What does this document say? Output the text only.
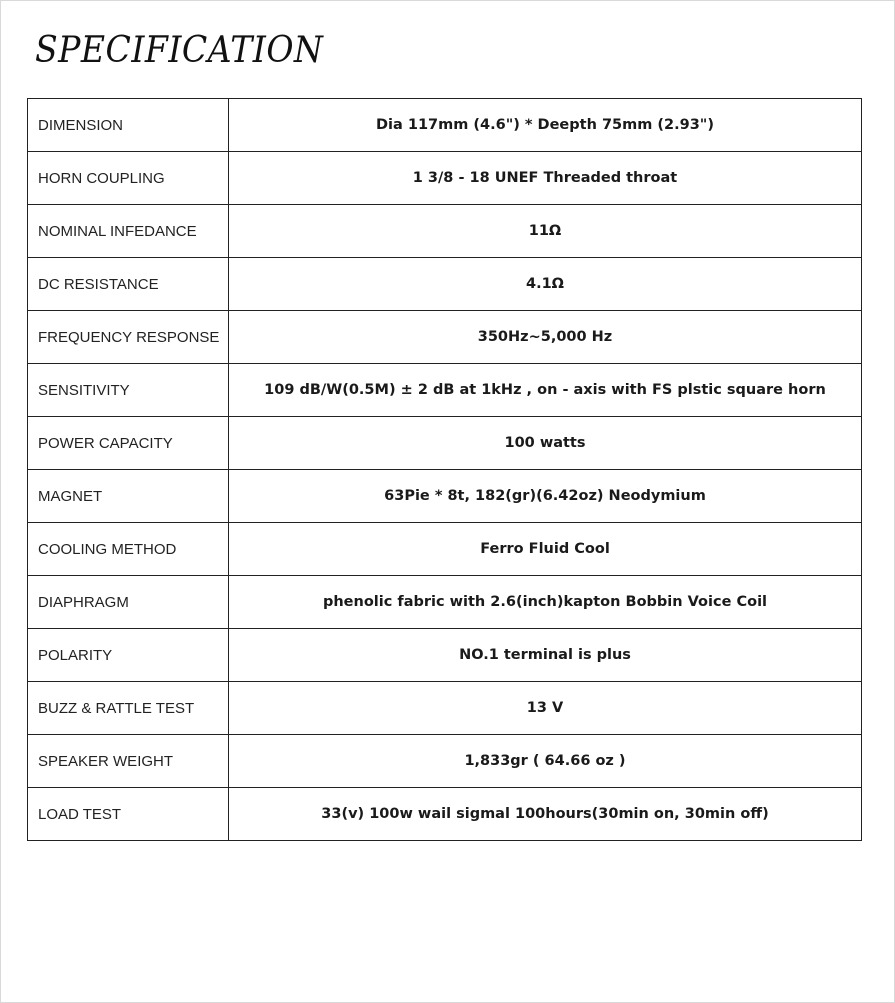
SPECIFICATION
DIMENSION	Dia 117mm (4.6") * Deepth 75mm (2.93")
HORN COUPLING	1 3/8 - 18 UNEF Threaded throat
NOMINAL INFEDANCE	11Ω
DC RESISTANCE	4.1Ω
FREQUENCY RESPONSE	350Hz~5,000 Hz
SENSITIVITY	109 dB/W(0.5M) ± 2 dB at 1kHz , on - axis with FS plstic square horn
POWER CAPACITY	100 watts
MAGNET	63Pie * 8t, 182(gr)(6.42oz) Neodymium
COOLING METHOD	Ferro Fluid Cool
DIAPHRAGM	phenolic fabric with 2.6(inch)kapton Bobbin Voice Coil
POLARITY	NO.1 terminal is plus
BUZZ & RATTLE TEST	13 V
SPEAKER WEIGHT	1,833gr ( 64.66 oz )
LOAD TEST	33(v) 100w wail sigmal 100hours(30min on, 30min off)
